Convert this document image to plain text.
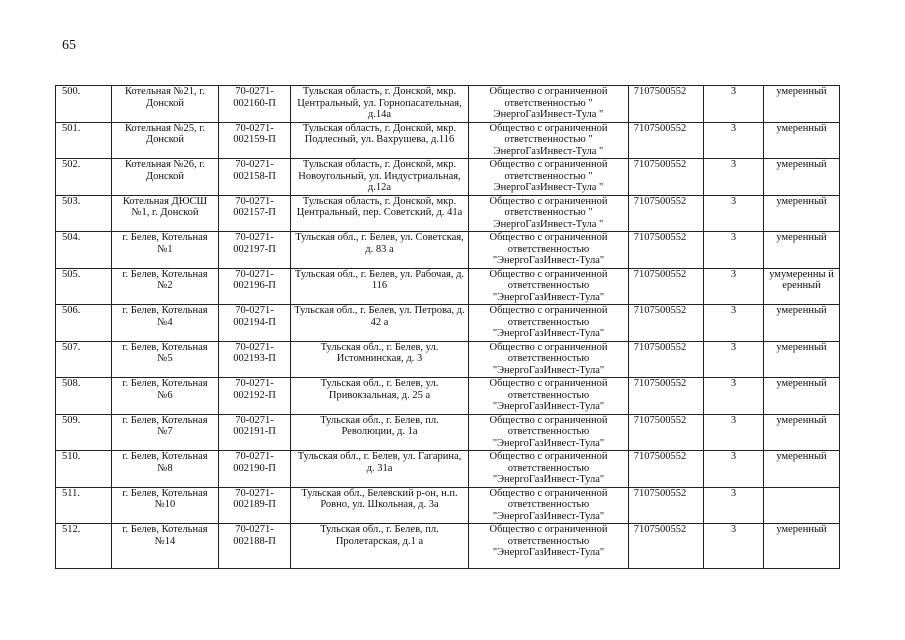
65
500.	Котельная №21, г. Донской	70-0271-002160-П	Тульская область, г. Донской, мкр. Центральный, ул. Горнопасательная, д.14а	Общество с ограниченной ответственностью " ЭнергоГазИнвест-Тула "	7107500552	3	умеренный
501.	Котельная №25, г. Донской	70-0271-002159-П	Тульская область, г. Донской, мкр. Подлесный, ул. Вахрушева, д.116	Общество с ограниченной ответственностью " ЭнергоГазИнвест-Тула "	7107500552	3	умеренный
502.	Котельная №26, г. Донской	70-0271-002158-П	Тульская область, г. Донской, мкр. Новоугольный, ул. Индустриальная, д.12а	Общество с ограниченной ответственностью " ЭнергоГазИнвест-Тула "	7107500552	3	умеренный
503.	Котельная ДЮСШ №1, г. Донской	70-0271-002157-П	Тульская область, г. Донской, мкр. Центральный, пер. Советский, д. 41а	Общество с ограниченной ответственностью " ЭнергоГазИнвест-Тула "	7107500552	3	умеренный
504.	г. Белев, Котельная №1	70-0271-002197-П	Тульская обл., г. Белев, ул. Советская, д. 83 а	Общество с ограниченной ответственностью "ЭнергоГазИнвест-Тула"	7107500552	3	умеренный
505.	г. Белев, Котельная №2	70-0271-002196-П	Тульская обл., г. Белев, ул. Рабочая, д. 116	Общество с ограниченной ответственностью "ЭнергоГазИнвест-Тула"	7107500552	3	умумеренны й еренный
506.	г. Белев, Котельная №4	70-0271-002194-П	Тульская обл., г. Белев, ул. Петрова, д. 42 а	Общество с ограниченной ответственностью "ЭнергоГазИнвест-Тула"	7107500552	3	умеренный
507.	г. Белев, Котельная №5	70-0271-002193-П	Тульская обл., г. Белев, ул. Истомнинская, д. 3	Общество с ограниченной ответственностью "ЭнергоГазИнвест-Тула"	7107500552	3	умеренный
508.	г. Белев, Котельная №6	70-0271-002192-П	Тульская обл., г. Белев, ул. Привокзальная, д. 25 а	Общество с ограниченной ответственностью "ЭнергоГазИнвест-Тула"	7107500552	3	умеренный
509.	г. Белев, Котельная №7	70-0271-002191-П	Тульская обл., г. Белев, пл. Революции, д. 1а	Общество с ограниченной ответственностью "ЭнергоГазИнвест-Тула"	7107500552	3	умеренный
510.	г. Белев, Котельная №8	70-0271-002190-П	Тульская обл., г. Белев, ул. Гагарина, д. 31а	Общество с ограниченной ответственностью "ЭнергоГазИнвест-Тула"	7107500552	3	умеренный
511.	г. Белев, Котельная №10	70-0271-002189-П	Тульская обл., Белевский р-он, н.п. Ровно, ул. Школьная, д. 3а	Общество с ограниченной ответственностью "ЭнергоГазИнвест-Тула"	7107500552	3	
512.	г. Белев, Котельная №14	70-0271-002188-П	Тульская обл., г. Белев, пл. Пролетарская, д.1 а	Общество с ограниченной ответственностью "ЭнергоГазИнвест-Тула"	7107500552	3	умеренный
